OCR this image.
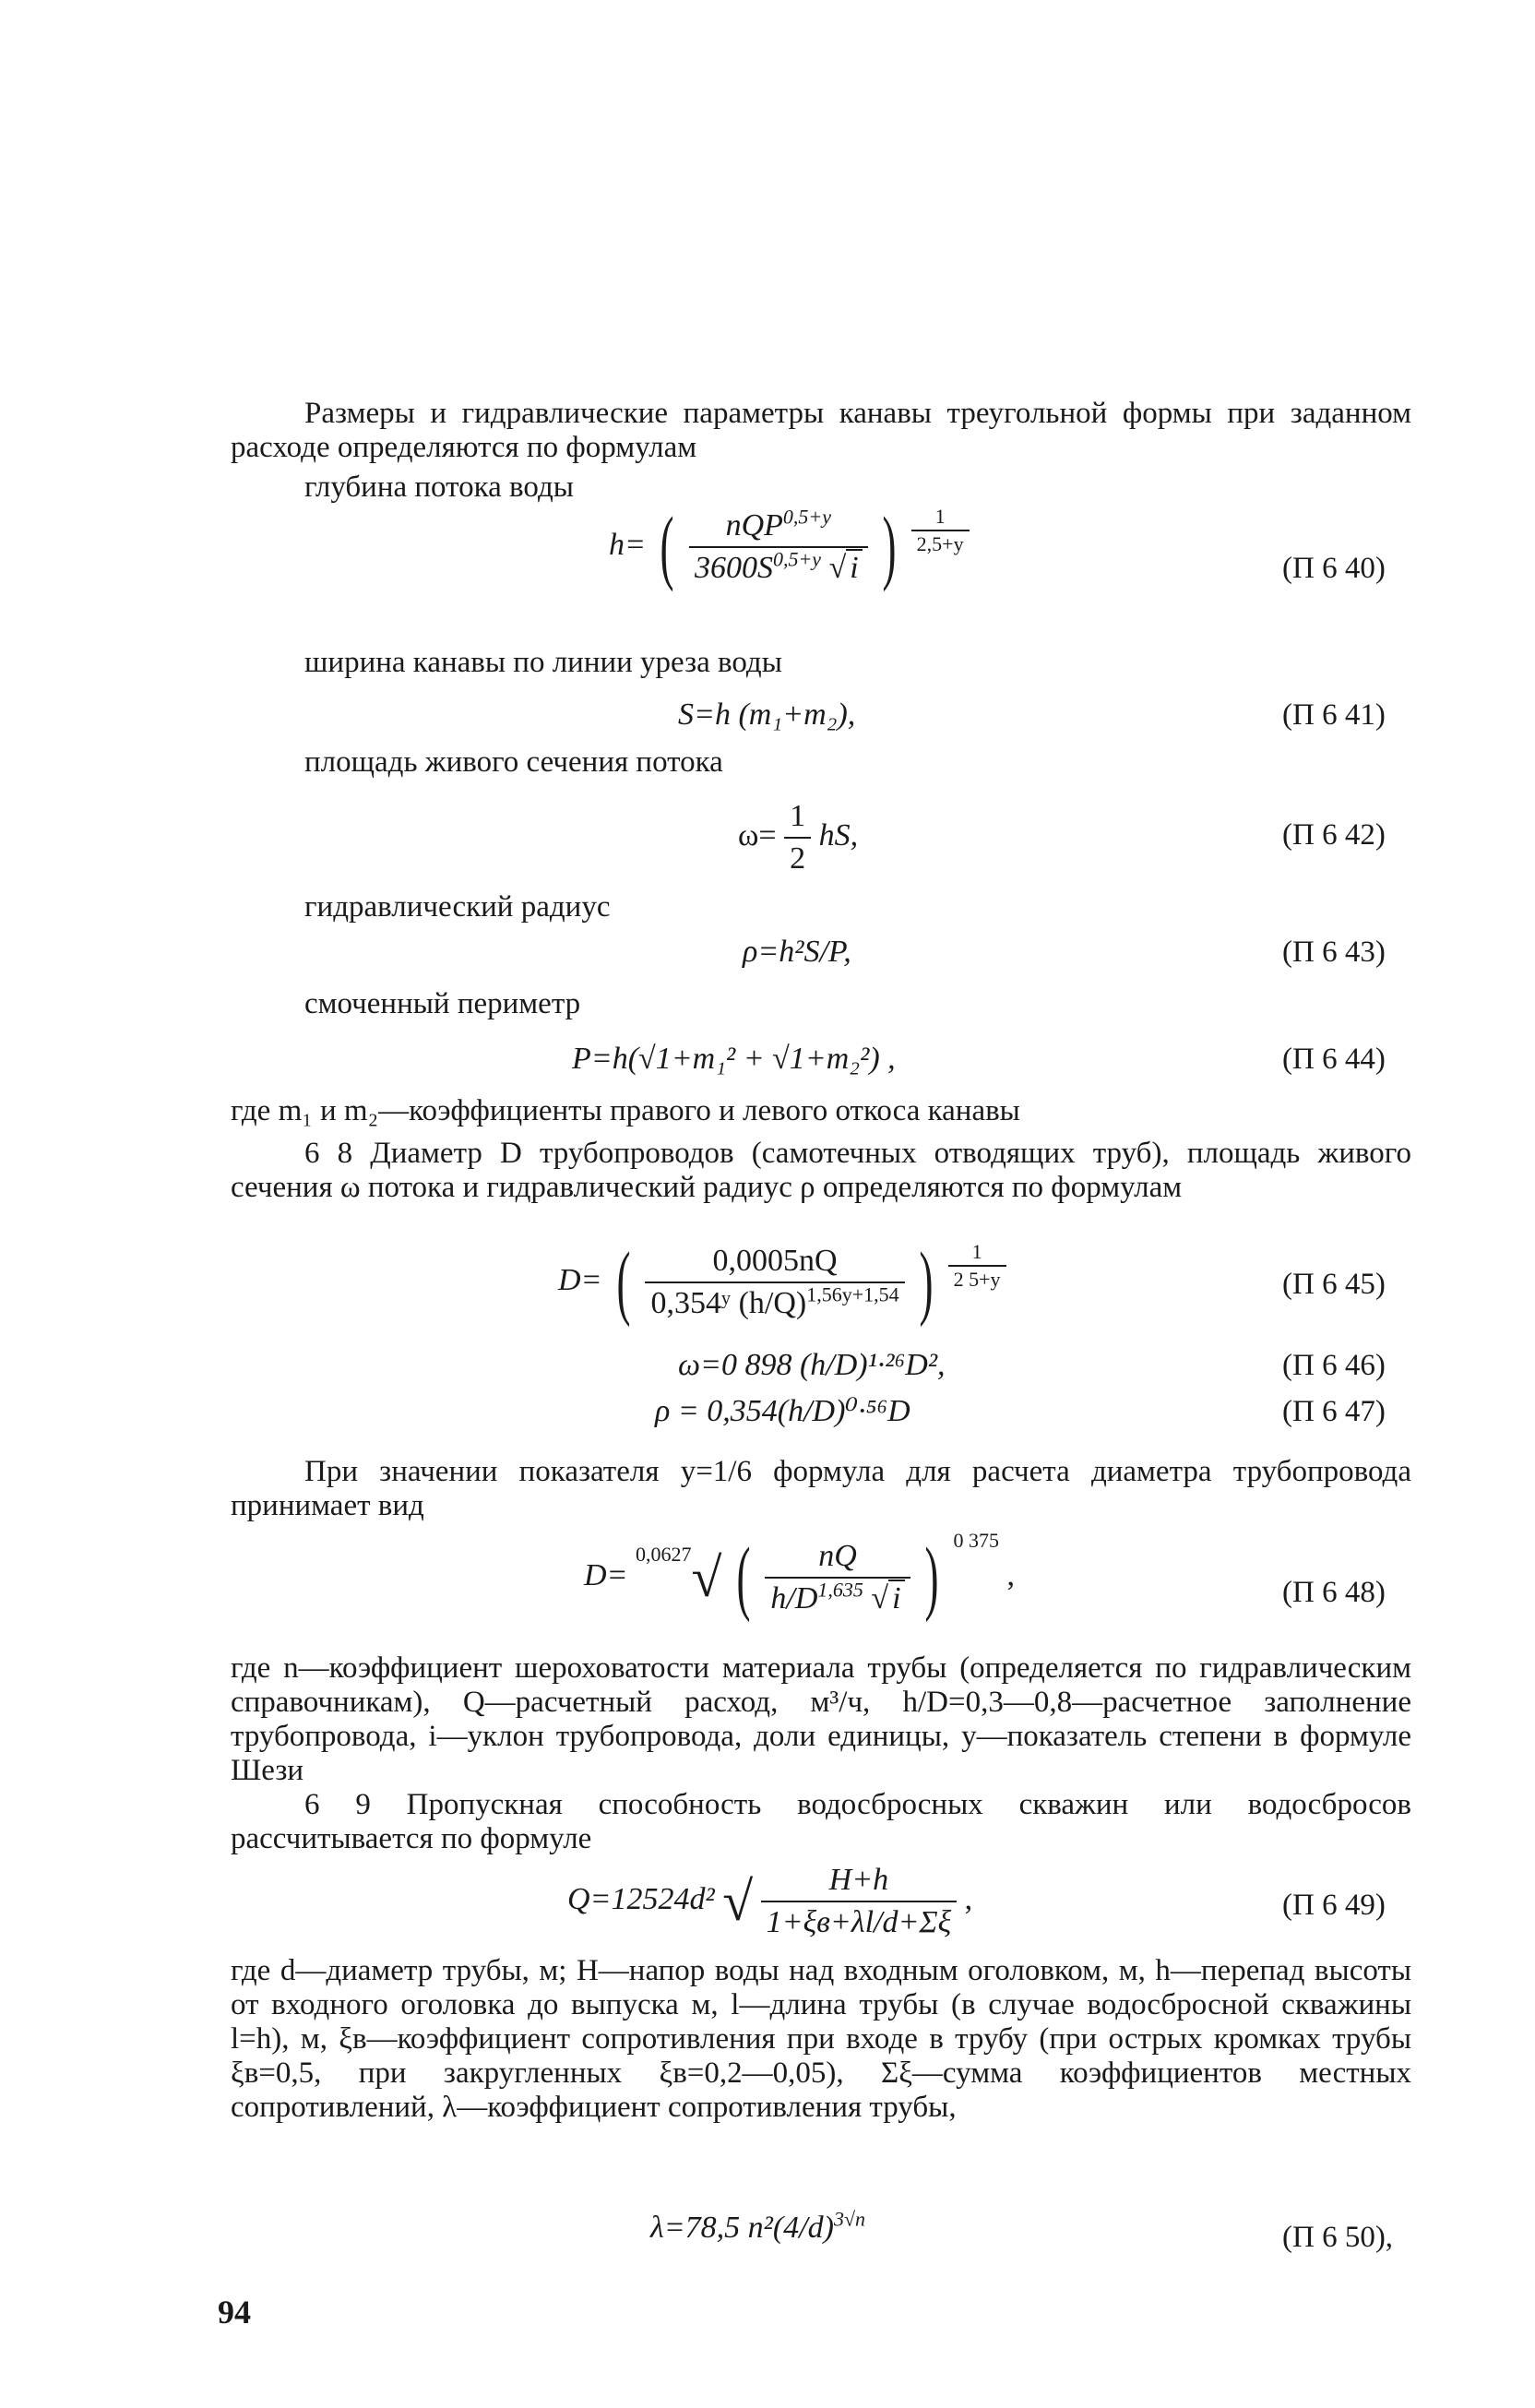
Размеры и гидравлические параметры канавы треугольной формы при заданном расходе определяются по формулам
глубина потока воды
h= ( $\frac{nQP^{0,5+y}}{3600S^{0,5+y} √ i}$ ) $\frac{1}{2,5+y}$
(П 6 40)
ширина канавы по линии уреза воды
S=h (m₁+m₂),	(П 6 41)
площадь живого сечения потока
$\omega= \frac{1}{2}$ hS,	(П 6 42)
гидравлический радиус
ρ=h²S/P,	(П 6 43)
смоченный периметр
P=h(√1+m₁² + √1+m₂²) ,	(П 6 44)
где m₁ и m₂—коэффициенты правого и левого откоса канавы
6 8 Диаметр D трубопроводов (самотечных отводящих труб), площадь живого сечения ω потока и гидравлический радиус ρ определяются по формулам
D= ( $\frac{0,0005nQ}{0,354ʸ (h/Q)^{1,56y+1,54}}$ ) $\frac{1}{2 5+y}$	(П 6 45)
ω=0 898 (h/D)¹·²⁶D²,	(П 6 46)
ρ = 0,354(h/D)⁰·⁵⁶D	(П 6 47)
При значении показателя y=1/6 формула для расчета диаметра трубопровода принимает вид
D= $^{0,0627}$√ ( $\frac{nQ}{h/D^{1,635} √ i}$ ) $^{0 375}$ ,
(П 6 48)
где n—коэффициент шероховатости материала трубы (определяется по гидравлическим справочникам), Q—расчетный расход, м³/ч, h/D=0,3—0,8—расчетное заполнение трубопровода, i—уклон трубопровода, доли единицы, y—показатель степени в формуле Шези
6 9 Пропускная способность водосбросных скважин или водосбросов рассчитывается по формуле
Q=12524d² √ $\frac{H+h}{1+\xi в+\lambda l/d+\Sigma\xi}$ ,	(П 6 49)
где d—диаметр трубы, м; H—напор воды над входным оголовком, м, h—перепад высоты от входного оголовка до выпуска м, l—длина трубы (в случае водосбросной скважины l=h), м, ξв—коэффициент сопротивления при входе в трубу (при острых кромках трубы ξв=0,5, при закругленных ξв=0,2—0,05), Σξ—сумма коэффициентов местных сопротивлений, λ—коэффициент сопротивления трубы,
λ=78,5 $n^2(4/d)^{3√n}$
(П 6 50),
94
